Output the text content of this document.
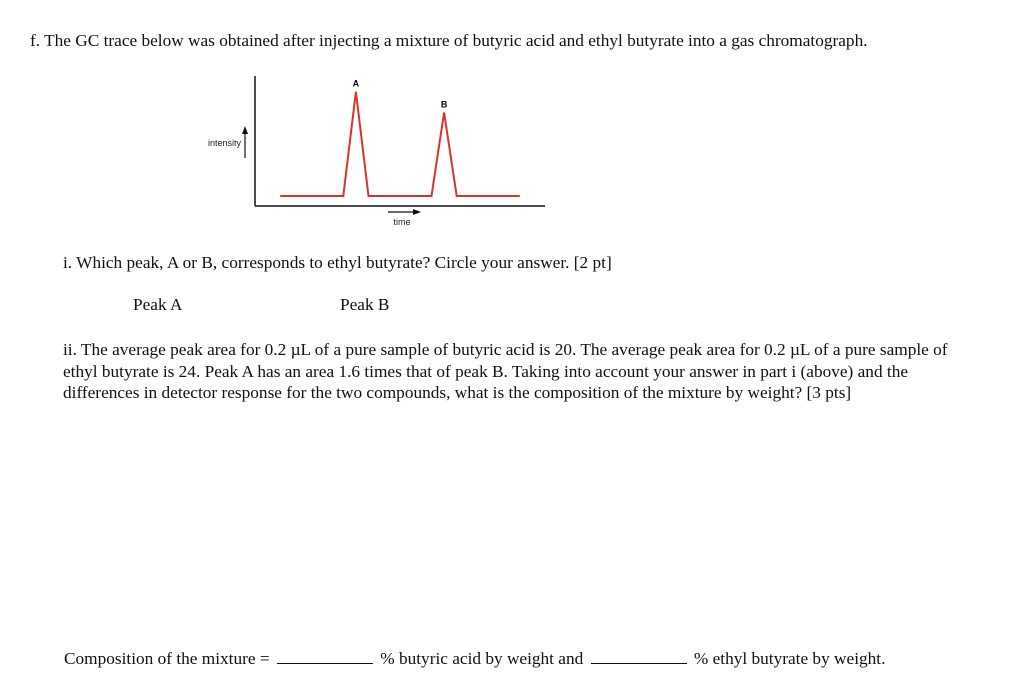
f. The GC trace below was obtained after injecting a mixture of butyric acid and ethyl butyrate into a gas chromatograph.

intensity
time
A
B

i. Which peak, A or B, corresponds to ethyl butyrate? Circle your answer. [2 pt]

Peak A	Peak B

ii. The average peak area for 0.2 µL of a pure sample of butyric acid is 20. The average peak area for 0.2 µL of a pure sample of ethyl butyrate is 24. Peak A has an area 1.6 times that of peak B. Taking into account your answer in part i (above) and the differences in detector response for the two compounds, what is the composition of the mixture by weight? [3 pts]

Composition of the mixture =	% butyric acid by weight and	% ethyl butyrate by weight.
